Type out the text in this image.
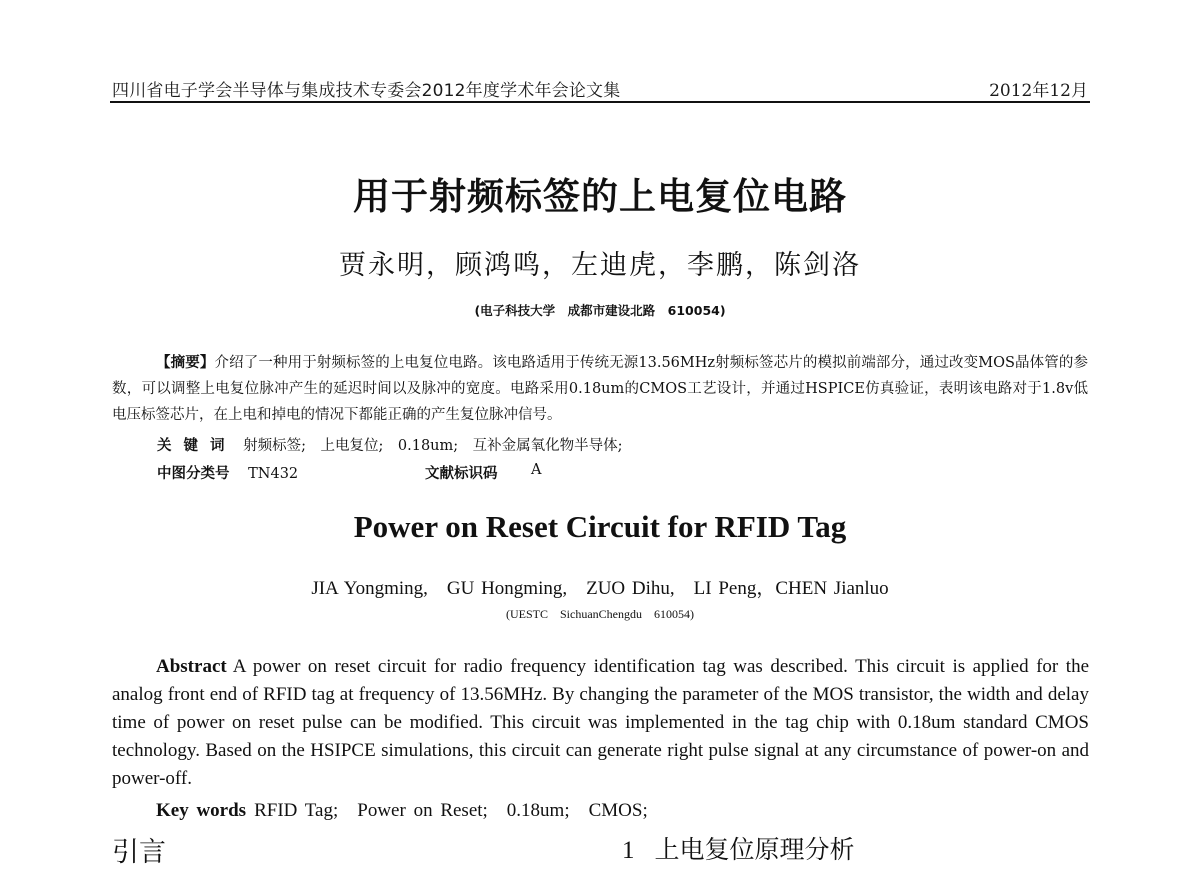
四川省电子学会半导体与集成技术专委会2012年度学术年会论文集	2012年12月
用于射频标签的上电复位电路
贾永明，顾鸿鸣，左迪虎，李鹏，陈剑洛
(电子科技大学　成都市建设北路　610054)
【摘要】介绍了一种用于射频标签的上电复位电路。该电路适用于传统无源13.56MHz射频标签芯片的模拟前端部分，通过改变MOS晶体管的参数，可以调整上电复位脉冲产生的延迟时间以及脉冲的宽度。电路采用0.18um的CMOS工艺设计，并通过HSPICE仿真验证，表明该电路对于1.8v低电压标签芯片，在上电和掉电的情况下都能正确的产生复位脉冲信号。
关键词 射频标签;　上电复位;　0.18um;　互补金属氧化物半导体;
中图分类号 TN432	文献标识码 A
Power on Reset Circuit for RFID Tag
JIA Yongming,　GU Hongming,　ZUO Dihu,　LI Peng，CHEN Jianluo
(UESTC　SichuanChengdu　610054)
Abstract A power on reset circuit for radio frequency identification tag was described. This circuit is applied for the analog front end of RFID tag at frequency of 13.56MHz. By changing the parameter of the MOS transistor, the width and delay time of power on reset pulse can be modified. This circuit was implemented in the tag chip with 0.18um standard CMOS technology. Based on the HSIPCE simulations, this circuit can generate right pulse signal at any circumstance of power-on and power-off.
Key words RFID Tag;　Power on Reset;　0.18um;　CMOS;
引言	1 上电复位原理分析
